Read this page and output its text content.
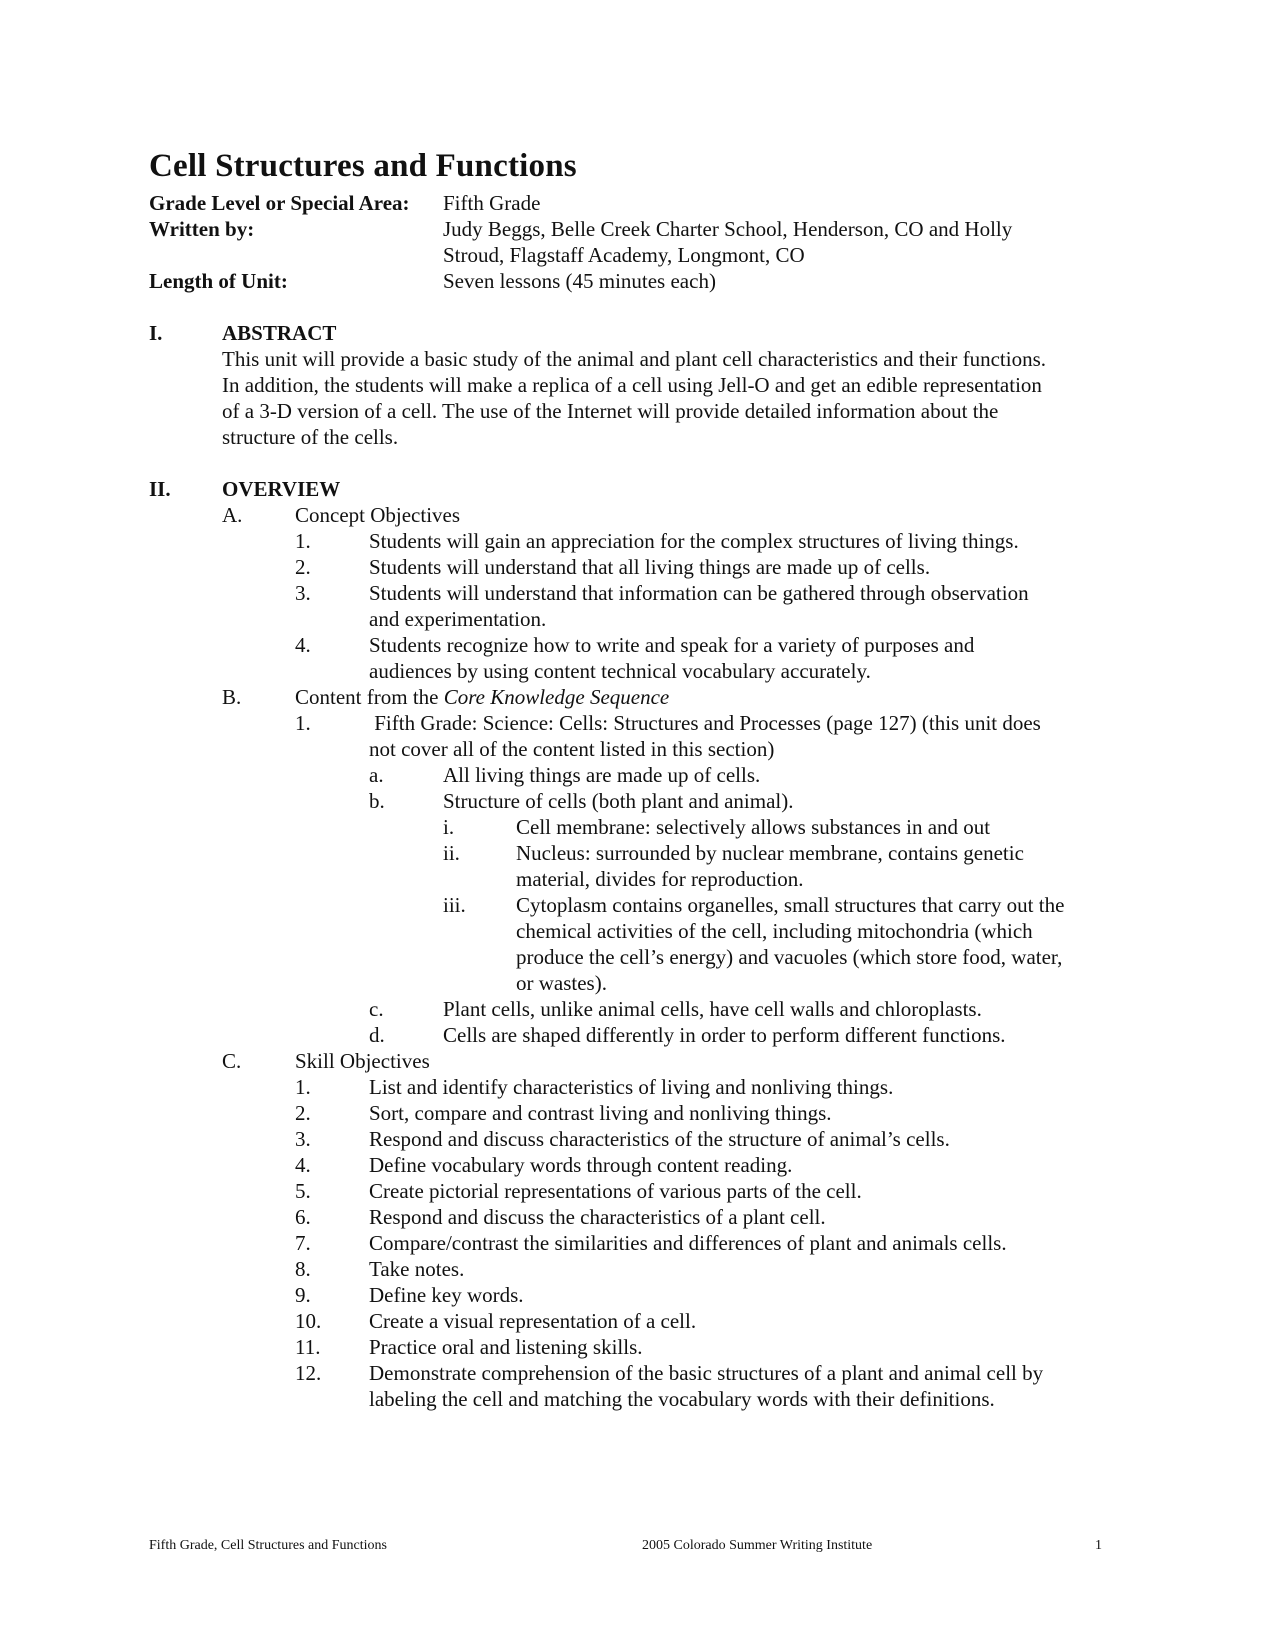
Cell Structures and Functions
Grade Level or Special Area: Fifth Grade
Written by:	Judy Beggs, Belle Creek Charter School, Henderson, CO and Holly
Stroud, Flagstaff Academy, Longmont, CO
Length of Unit:	Seven lessons (45 minutes each)
I.	ABSTRACT
This unit will provide a basic study of the animal and plant cell characteristics and their functions.
In addition, the students will make a replica of a cell using Jell-O and get an edible representation
of a 3-D version of a cell. The use of the Internet will provide detailed information about the
structure of the cells.
II. OVERVIEW
A.	Concept Objectives
1.	Students will gain an appreciation for the complex structures of living things.
2.	Students will understand that all living things are made up of cells.
3.	Students will understand that information can be gathered through observation
and experimentation.
4.	Students recognize how to write and speak for a variety of purposes and
audiences by using content technical vocabulary accurately.
B.	Content from the Core Knowledge Sequence
1.	Fifth Grade: Science: Cells: Structures and Processes (page 127) (this unit does
not cover all of the content listed in this section)
a.	All living things are made up of cells.
b.	Structure of cells (both plant and animal).
i.	Cell membrane: selectively allows substances in and out
ii.	Nucleus: surrounded by nuclear membrane, contains genetic
material, divides for reproduction.
iii. Cytoplasm contains organelles, small structures that carry out the
chemical activities of the cell, including mitochondria (which
produce the cell’s energy) and vacuoles (which store food, water,
or wastes).
c.	Plant cells, unlike animal cells, have cell walls and chloroplasts.
d.	Cells are shaped differently in order to perform different functions.
C.	Skill Objectives
1.	List and identify characteristics of living and nonliving things.
2.	Sort, compare and contrast living and nonliving things.
3.	Respond and discuss characteristics of the structure of animal’s cells.
4.	Define vocabulary words through content reading.
5.	Create pictorial representations of various parts of the cell.
6.	Respond and discuss the characteristics of a plant cell.
7.	Compare/contrast the similarities and differences of plant and animals cells.
8.	Take notes.
9.	Define key words.
10. Create a visual representation of a cell.
11. Practice oral and listening skills.
12. Demonstrate comprehension of the basic structures of a plant and animal cell by
labeling the cell and matching the vocabulary words with their definitions.
Fifth Grade, Cell Structures and Functions	2005 Colorado Summer Writing Institute	1
